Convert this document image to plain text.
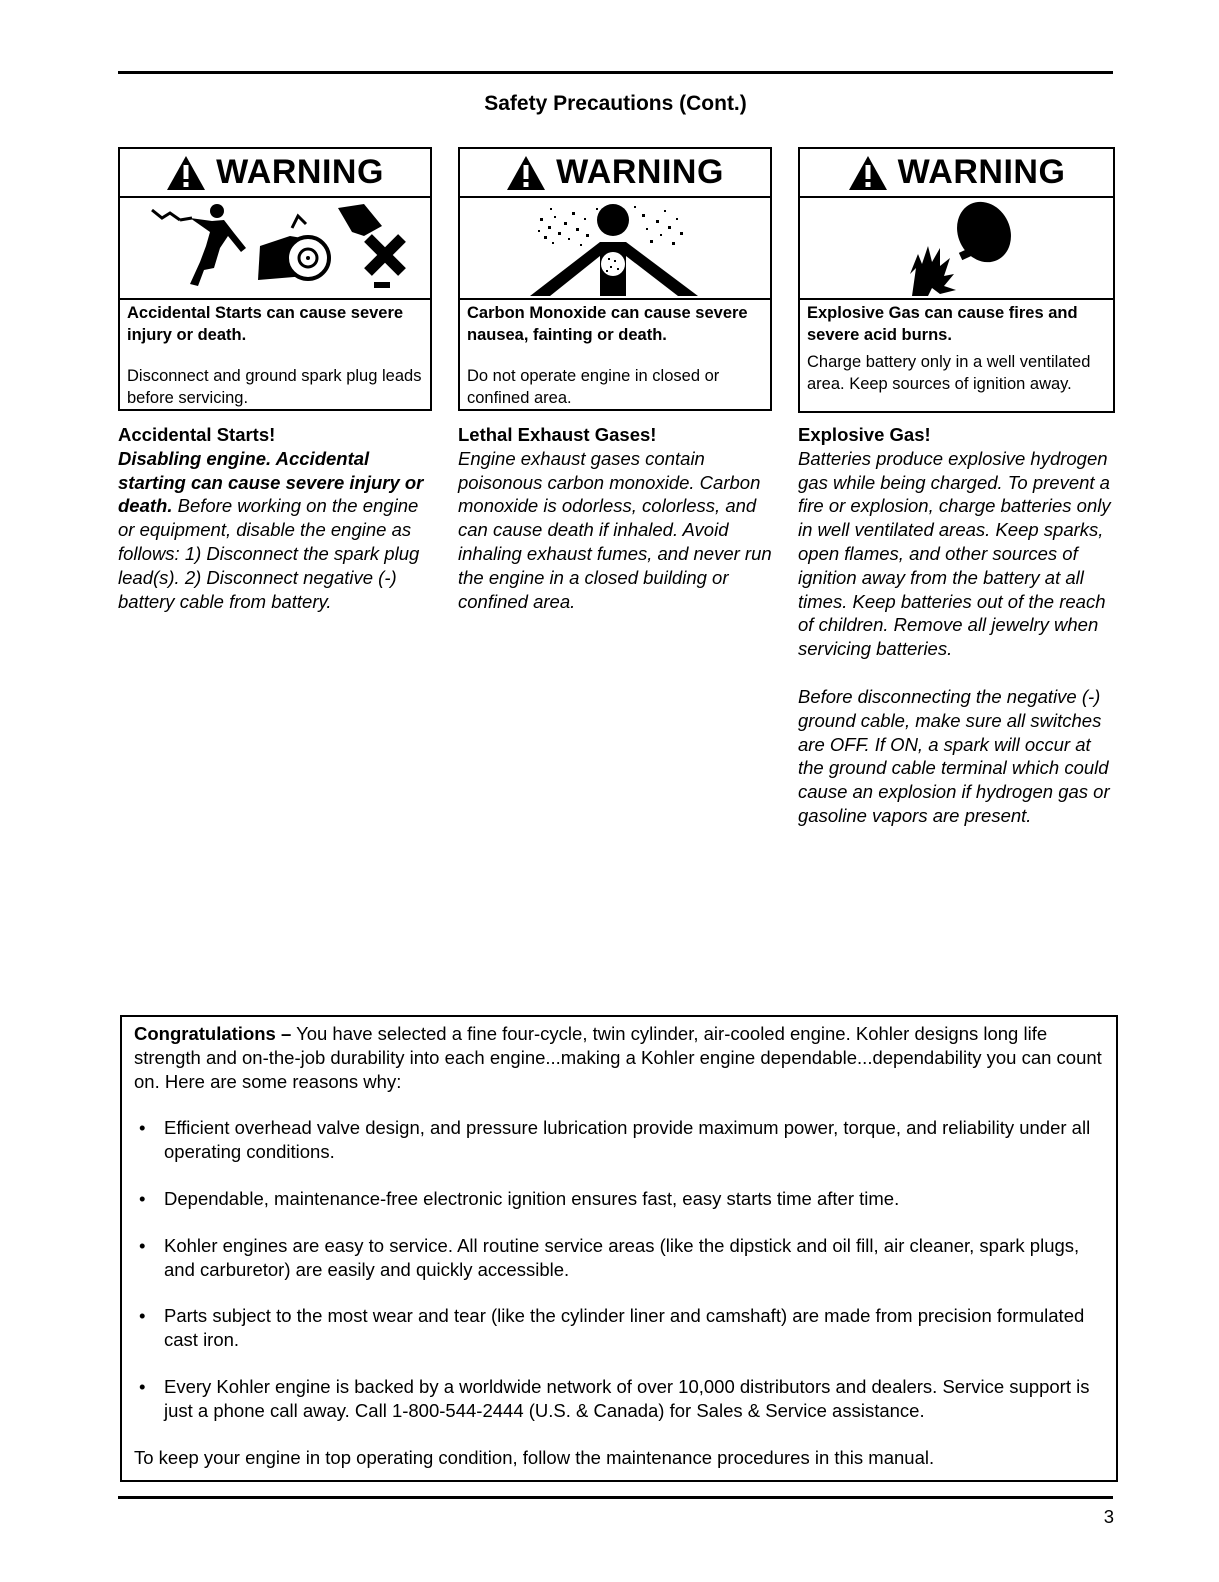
Safety Precautions (Cont.)
WARNING
Accidental Starts can cause severe injury or death.
Disconnect and ground spark plug leads before servicing.
WARNING
Carbon Monoxide can cause severe nausea, fainting or death.
Do not operate engine in closed or confined area.
WARNING
Explosive Gas can cause fires and severe acid burns.
Charge battery only in a well ventilated area. Keep sources of ignition away.
Accidental Starts!
Disabling engine. Accidental starting can cause severe injury or death. Before working on the engine or equipment, disable the engine as follows: 1) Disconnect the spark plug lead(s). 2) Disconnect negative (-) battery cable from battery.
Lethal Exhaust Gases!
Engine exhaust gases contain poisonous carbon monoxide. Carbon monoxide is odorless, colorless, and can cause death if inhaled. Avoid inhaling exhaust fumes, and never run the engine in a closed building or confined area.
Explosive Gas!
Batteries produce explosive hydrogen gas while being charged. To prevent a fire or explosion, charge batteries only in well ventilated areas. Keep sparks, open flames, and other sources of ignition away from the battery at all times. Keep batteries out of the reach of children. Remove all jewelry when servicing batteries.
Before disconnecting the negative (-) ground cable, make sure all switches are OFF. If ON, a spark will occur at the ground cable terminal which could cause an explosion if hydrogen gas or gasoline vapors are present.
Congratulations – You have selected a fine four-cycle, twin cylinder, air-cooled engine. Kohler designs long life strength and on-the-job durability into each engine...making a Kohler engine dependable...dependability you can count on. Here are some reasons why:
•	Efficient overhead valve design, and pressure lubrication provide maximum power, torque, and reliability under all operating conditions.
•	Dependable, maintenance-free electronic ignition ensures fast, easy starts time after time.
•	Kohler engines are easy to service. All routine service areas (like the dipstick and oil fill, air cleaner, spark plugs, and carburetor) are easily and quickly accessible.
•	Parts subject to the most wear and tear (like the cylinder liner and camshaft) are made from precision formulated cast iron.
•	Every Kohler engine is backed by a worldwide network of over 10,000 distributors and dealers. Service support is just a phone call away. Call 1-800-544-2444 (U.S. & Canada) for Sales & Service assistance.
To keep your engine in top operating condition, follow the maintenance procedures in this manual.
3
